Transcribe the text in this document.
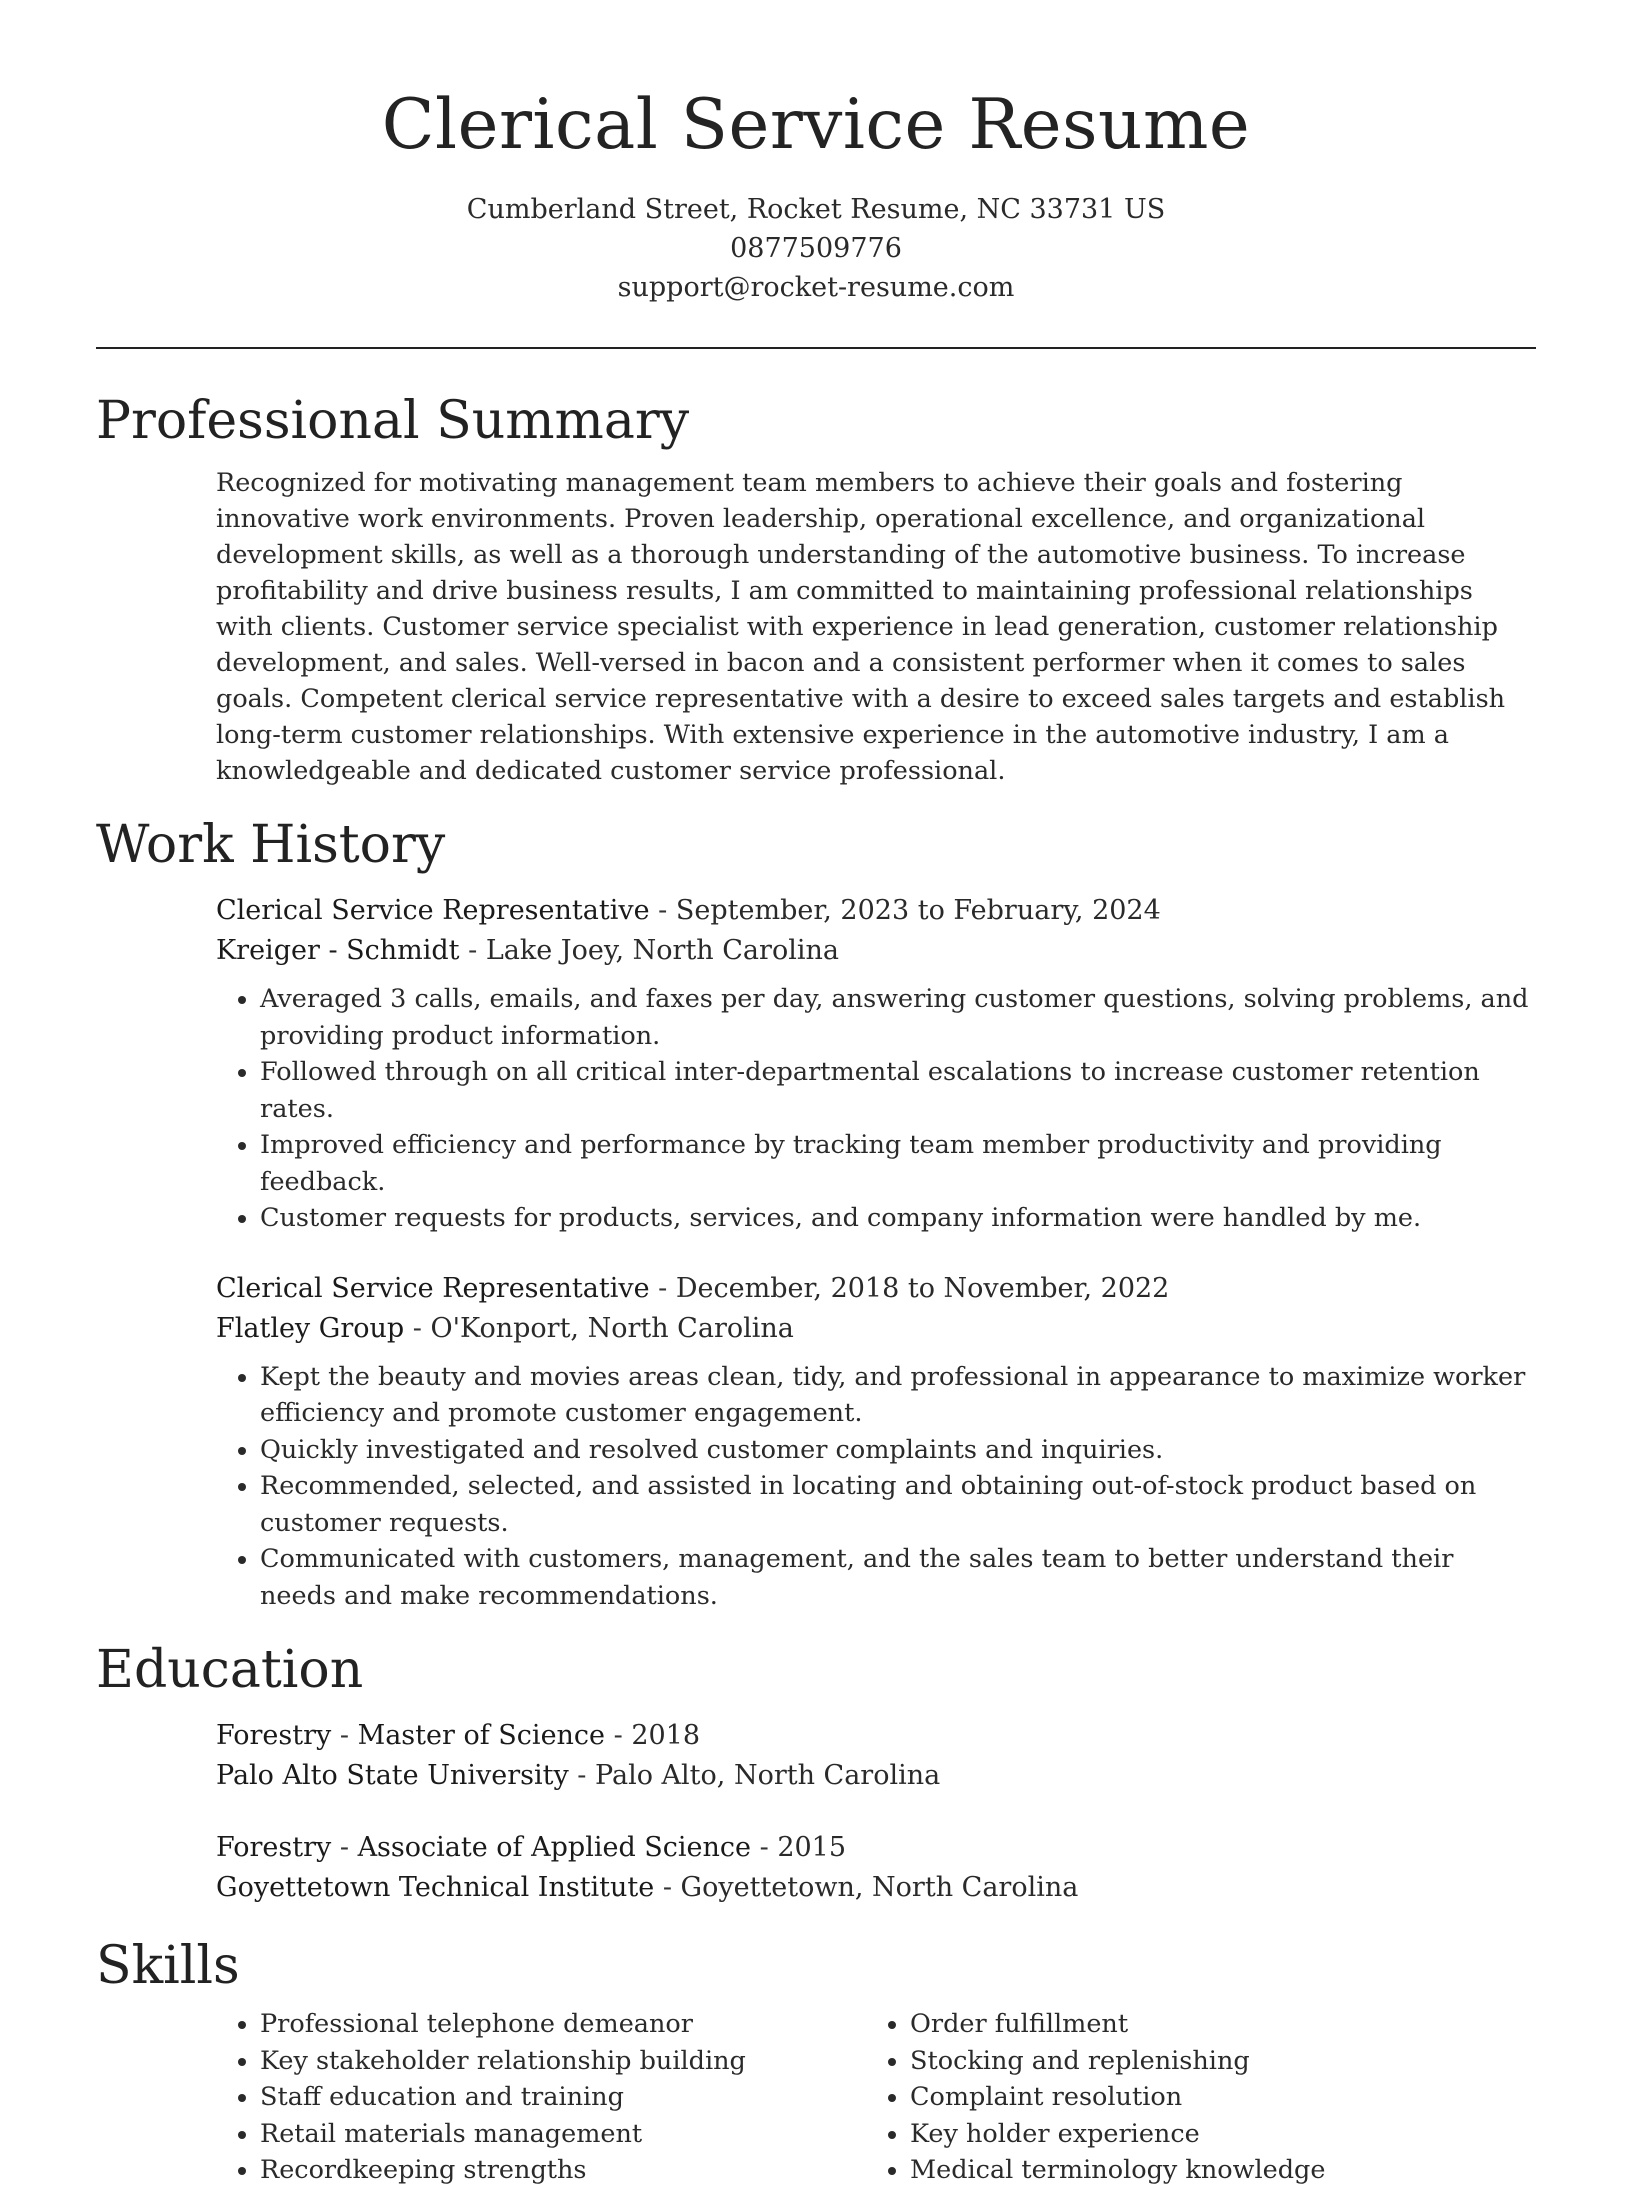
Clerical Service Resume
Cumberland Street, Rocket Resume, NC 33731 US
0877509776
support@rocket-resume.com
Professional Summary
Recognized for motivating management team members to achieve their goals and fostering innovative work environments. Proven leadership, operational excellence, and organizational development skills, as well as a thorough understanding of the automotive business. To increase profitability and drive business results, I am committed to maintaining professional relationships with clients. Customer service specialist with experience in lead generation, customer relationship development, and sales. Well-versed in bacon and a consistent performer when it comes to sales goals. Competent clerical service representative with a desire to exceed sales targets and establish long-term customer relationships. With extensive experience in the automotive industry, I am a knowledgeable and dedicated customer service professional.
Work History
Clerical Service Representative - September, 2023 to February, 2024
Kreiger - Schmidt - Lake Joey, North Carolina
• Averaged 3 calls, emails, and faxes per day, answering customer questions, solving problems, and providing product information.
• Followed through on all critical inter-departmental escalations to increase customer retention rates.
• Improved efficiency and performance by tracking team member productivity and providing feedback.
• Customer requests for products, services, and company information were handled by me.
Clerical Service Representative - December, 2018 to November, 2022
Flatley Group - O'Konport, North Carolina
• Kept the beauty and movies areas clean, tidy, and professional in appearance to maximize worker efficiency and promote customer engagement.
• Quickly investigated and resolved customer complaints and inquiries.
• Recommended, selected, and assisted in locating and obtaining out-of-stock product based on customer requests.
• Communicated with customers, management, and the sales team to better understand their needs and make recommendations.
Education
Forestry - Master of Science - 2018
Palo Alto State University - Palo Alto, North Carolina
Forestry - Associate of Applied Science - 2015
Goyettetown Technical Institute - Goyettetown, North Carolina
Skills
• Professional telephone demeanor
• Key stakeholder relationship building
• Staff education and training
• Retail materials management
• Recordkeeping strengths
• Order fulfillment
• Stocking and replenishing
• Complaint resolution
• Key holder experience
• Medical terminology knowledge
